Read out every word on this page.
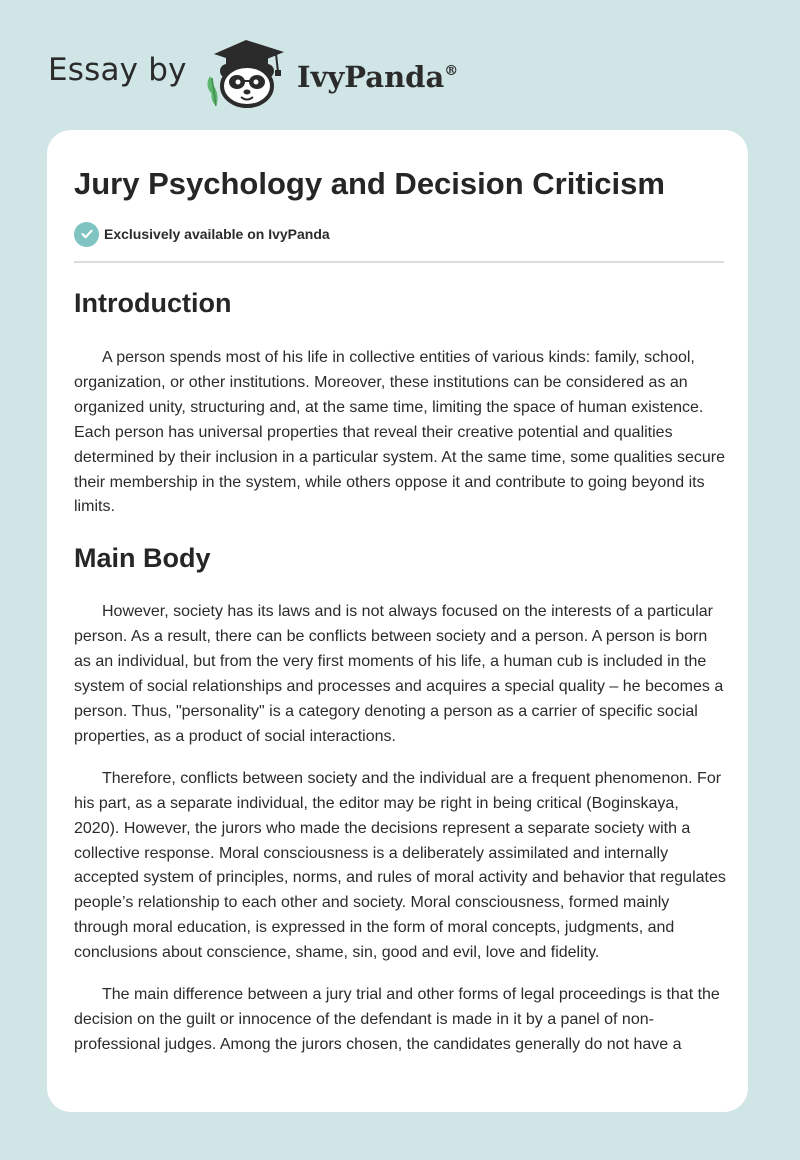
Essay by	IvyPanda®
Jury Psychology and Decision Criticism
Exclusively available on IvyPanda
Introduction

A person spends most of his life in collective entities of various kinds: family, school, organization, or other institutions. Moreover, these institutions can be considered as an organized unity, structuring and, at the same time, limiting the space of human existence. Each person has universal properties that reveal their creative potential and qualities determined by their inclusion in a particular system. At the same time, some qualities secure their membership in the system, while others oppose it and contribute to going beyond its limits.

Main Body

However, society has its laws and is not always focused on the interests of a particular person. As a result, there can be conflicts between society and a person. A person is born as an individual, but from the very first moments of his life, a human cub is included in the system of social relationships and processes and acquires a special quality – he becomes a person. Thus, "personality" is a category denoting a person as a carrier of specific social properties, as a product of social interactions.

Therefore, conflicts between society and the individual are a frequent phenomenon. For his part, as a separate individual, the editor may be right in being critical (Boginskaya, 2020). However, the jurors who made the decisions represent a separate society with a collective response. Moral consciousness is a deliberately assimilated and internally accepted system of principles, norms, and rules of moral activity and behavior that regulates people’s relationship to each other and society. Moral consciousness, formed mainly through moral education, is expressed in the form of moral concepts, judgments, and conclusions about conscience, shame, sin, good and evil, love and fidelity.

The main difference between a jury trial and other forms of legal proceedings is that the decision on the guilt or innocence of the defendant is made in it by a panel of non-professional judges. Among the jurors chosen, the candidates generally do not have a
